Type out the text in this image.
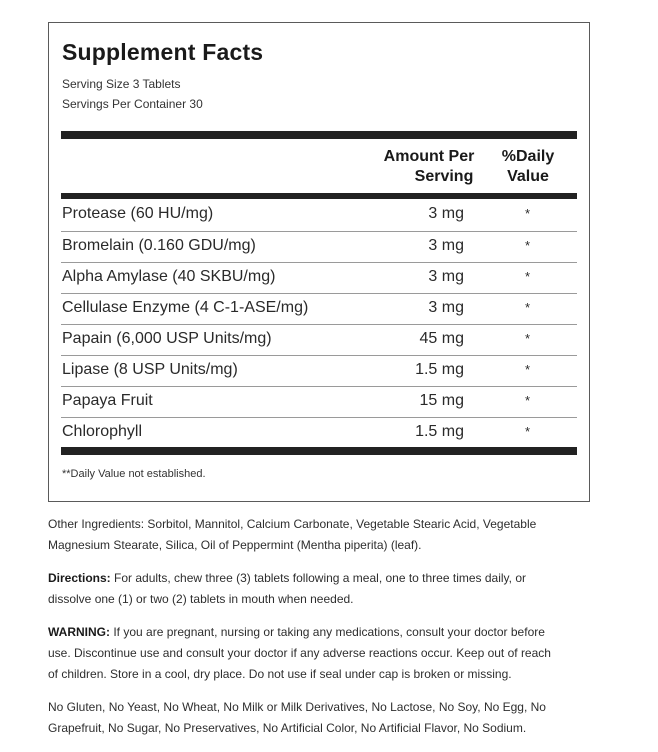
Supplement Facts
Serving Size 3 Tablets
Servings Per Container 30
Amount Per
Serving
%Daily
Value
Protease (60 HU/mg)	3 mg	*
Bromelain (0.160 GDU/mg)	3 mg	*
Alpha Amylase (40 SKBU/mg)	3 mg	*
Cellulase Enzyme (4 C-1-ASE/mg)	3 mg	*
Papain (6,000 USP Units/mg)	45 mg	*
Lipase (8 USP Units/mg)	1.5 mg	*
Papaya Fruit	15 mg	*
Chlorophyll	1.5 mg	*
**Daily Value not established.
Other Ingredients: Sorbitol, Mannitol, Calcium Carbonate, Vegetable Stearic Acid, Vegetable
Magnesium Stearate, Silica, Oil of Peppermint (Mentha piperita) (leaf).
Directions: For adults, chew three (3) tablets following a meal, one to three times daily, or
dissolve one (1) or two (2) tablets in mouth when needed.
WARNING: If you are pregnant, nursing or taking any medications, consult your doctor before
use. Discontinue use and consult your doctor if any adverse reactions occur. Keep out of reach
of children. Store in a cool, dry place. Do not use if seal under cap is broken or missing.
No Gluten, No Yeast, No Wheat, No Milk or Milk Derivatives, No Lactose, No Soy, No Egg, No
Grapefruit, No Sugar, No Preservatives, No Artificial Color, No Artificial Flavor, No Sodium.
